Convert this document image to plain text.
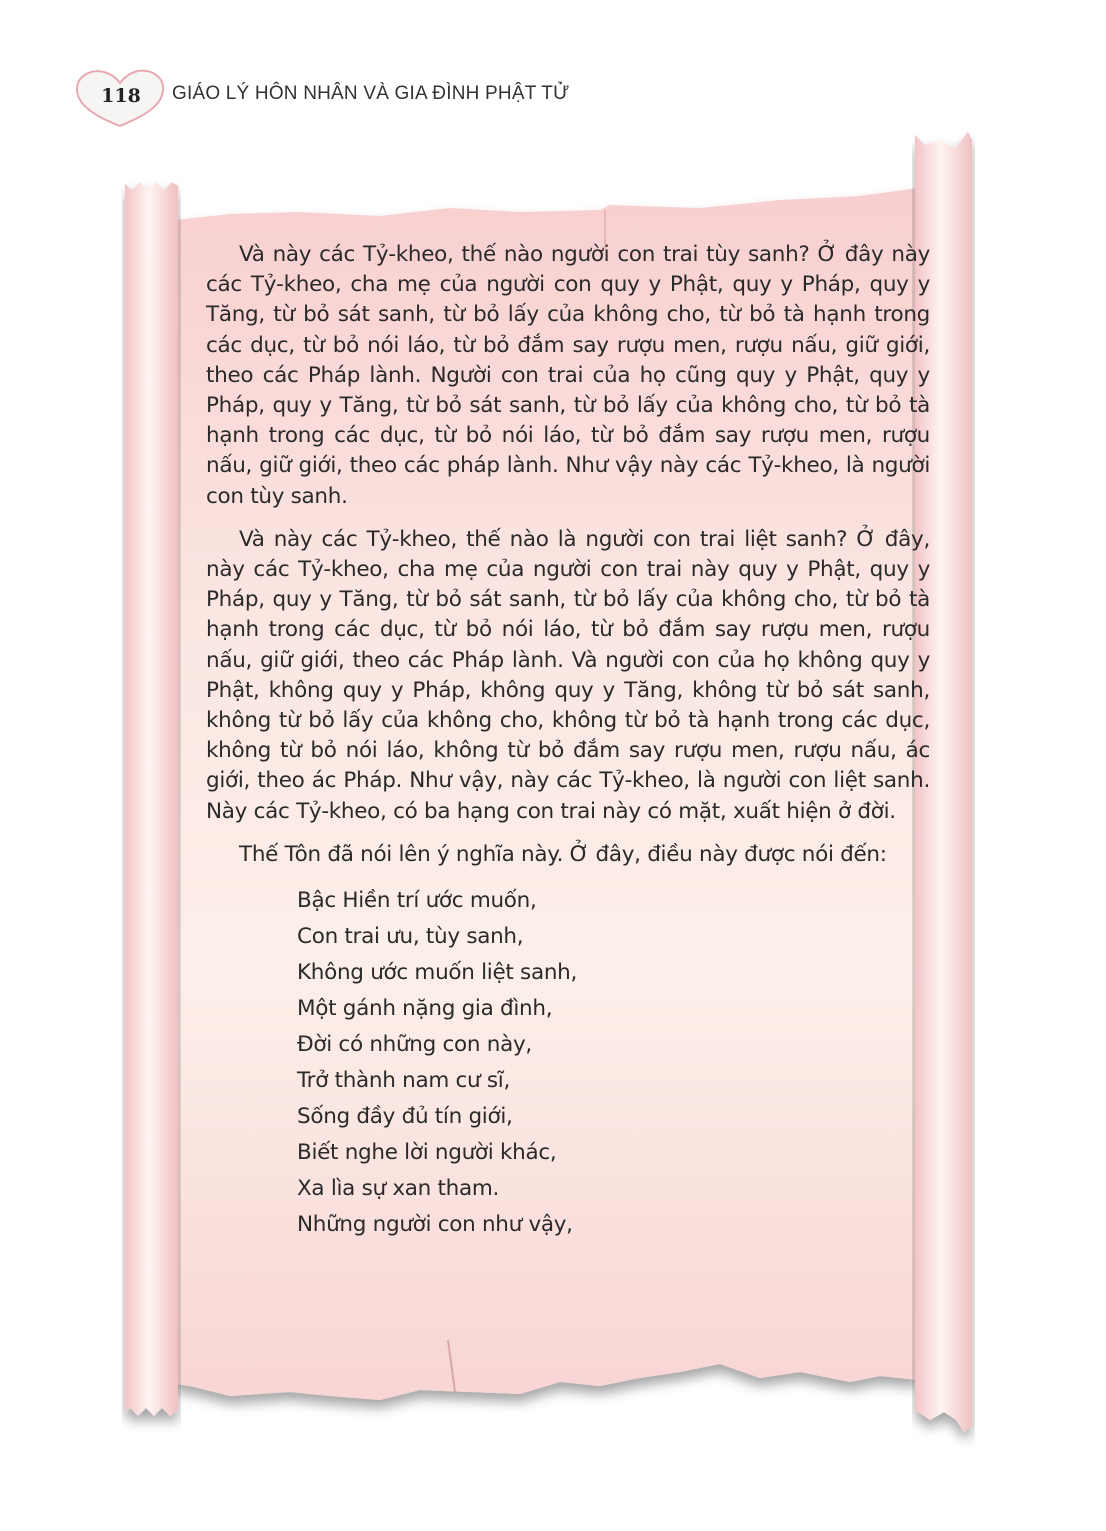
118 GIÁO LÝ HÔN NHÂN VÀ GIA ĐÌNH PHẬT TỬ

Và này các Tỷ-kheo, thế nào người con trai tùy sanh? Ở đây này các Tỷ-kheo, cha mẹ của người con quy y Phật, quy y Pháp, quy y Tăng, từ bỏ sát sanh, từ bỏ lấy của không cho, từ bỏ tà hạnh trong các dục, từ bỏ nói láo, từ bỏ đắm say rượu men, rượu nấu, giữ giới, theo các Pháp lành. Người con trai của họ cũng quy y Phật, quy y Pháp, quy y Tăng, từ bỏ sát sanh, từ bỏ lấy của không cho, từ bỏ tà hạnh trong các dục, từ bỏ nói láo, từ bỏ đắm say rượu men, rượu nấu, giữ giới, theo các pháp lành. Như vậy này các Tỷ-kheo, là người con tùy sanh.

Và này các Tỷ-kheo, thế nào là người con trai liệt sanh? Ở đây, này các Tỷ-kheo, cha mẹ của người con trai này quy y Phật, quy y Pháp, quy y Tăng, từ bỏ sát sanh, từ bỏ lấy của không cho, từ bỏ tà hạnh trong các dục, từ bỏ nói láo, từ bỏ đắm say rượu men, rượu nấu, giữ giới, theo các Pháp lành. Và người con của họ không quy y Phật, không quy y Pháp, không quy y Tăng, không từ bỏ sát sanh, không từ bỏ lấy của không cho, không từ bỏ tà hạnh trong các dục, không từ bỏ nói láo, không từ bỏ đắm say rượu men, rượu nấu, ác giới, theo ác Pháp. Như vậy, này các Tỷ-kheo, là người con liệt sanh. Này các Tỷ-kheo, có ba hạng con trai này có mặt, xuất hiện ở đời.

Thế Tôn đã nói lên ý nghĩa này. Ở đây, điều này được nói đến:

Bậc Hiền trí ước muốn,
Con trai ưu, tùy sanh,
Không ước muốn liệt sanh,
Một gánh nặng gia đình,
Đời có những con này,
Trở thành nam cư sĩ,
Sống đầy đủ tín giới,
Biết nghe lời người khác,
Xa lìa sự xan tham.
Những người con như vậy,
